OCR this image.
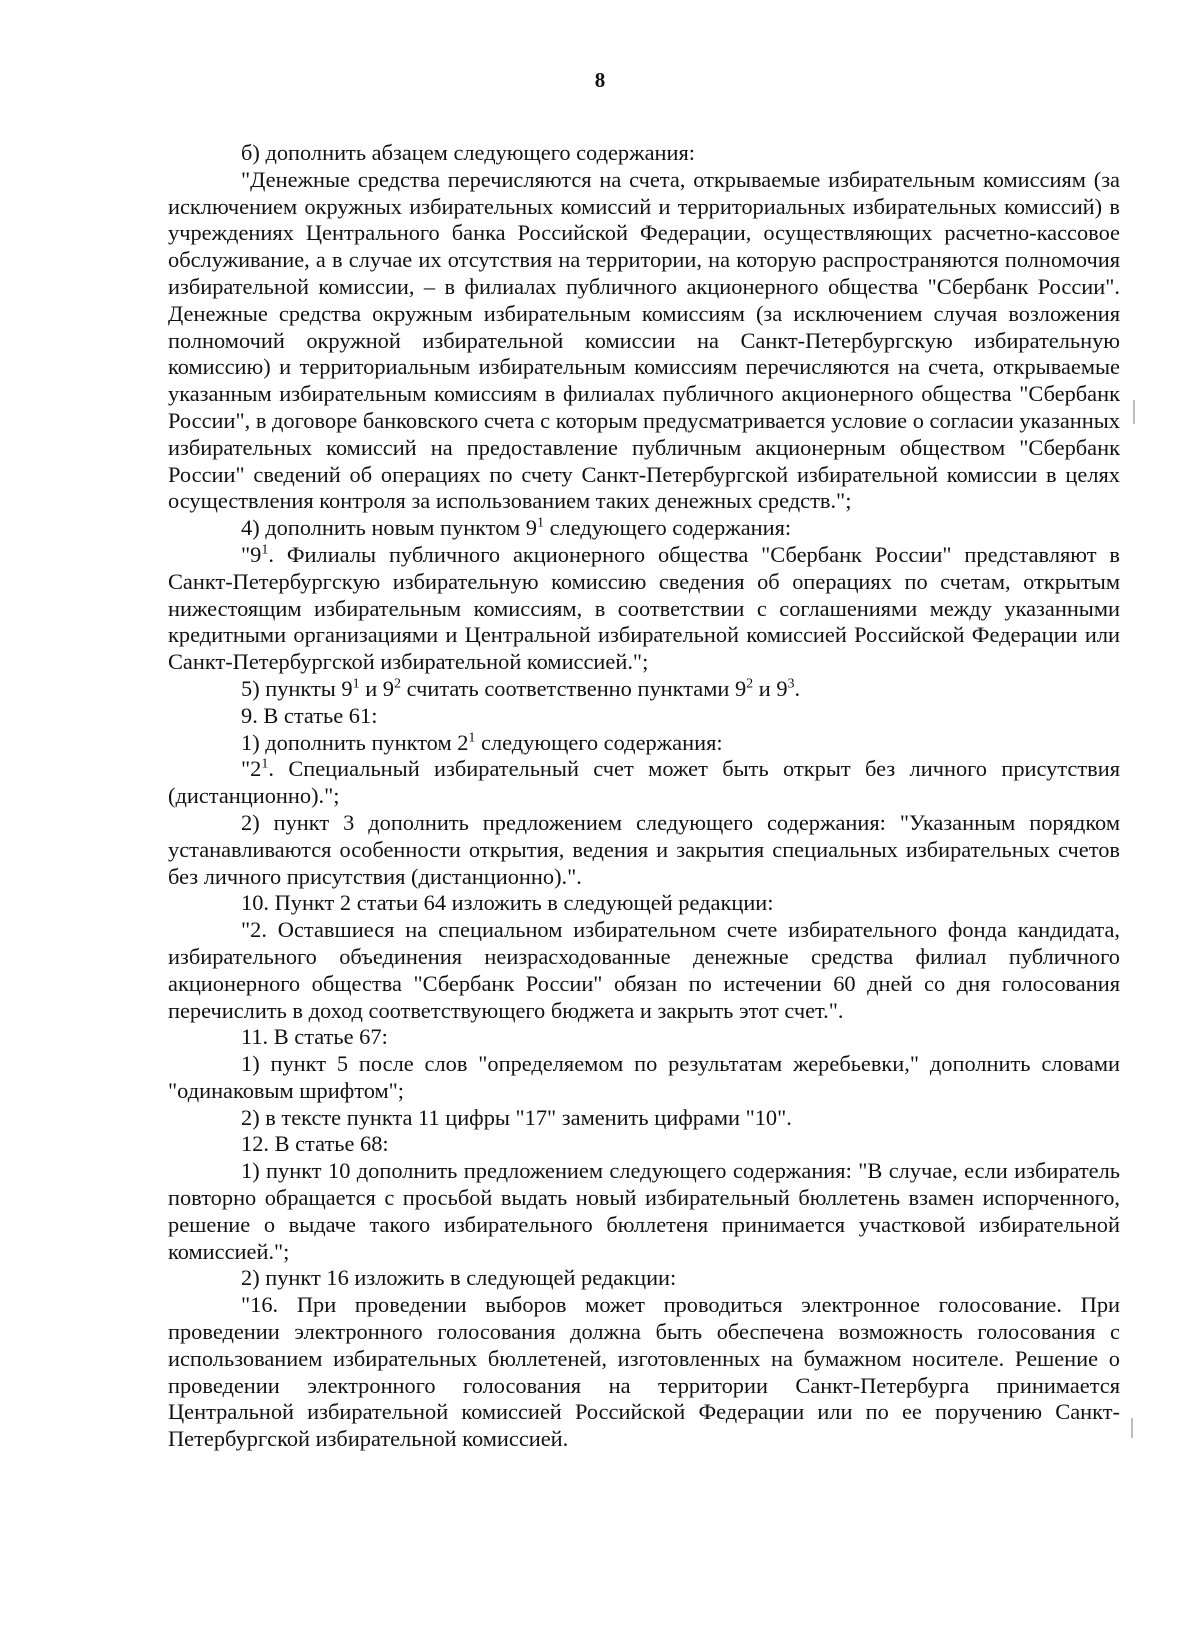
8

б) дополнить абзацем следующего содержания:

"Денежные средства перечисляются на счета, открываемые избирательным комиссиям (за исключением окружных избирательных комиссий и территориальных избирательных комиссий) в учреждениях Центрального банка Российской Федерации, осуществляющих расчетно-кассовое обслуживание, а в случае их отсутствия на территории, на которую распространяются полномочия избирательной комиссии, – в филиалах публичного акционерного общества "Сбербанк России". Денежные средства окружным избирательным комиссиям (за исключением случая возложения полномочий окружной избирательной комиссии на Санкт-Петербургскую избирательную комиссию) и территориальным избирательным комиссиям перечисляются на счета, открываемые указанным избирательным комиссиям в филиалах публичного акционерного общества "Сбербанк России", в договоре банковского счета с которым предусматривается условие о согласии указанных избирательных комиссий на предоставление публичным акционерным обществом "Сбербанк России" сведений об операциях по счету Санкт-Петербургской избирательной комиссии в целях осуществления контроля за использованием таких денежных средств.";

4) дополнить новым пунктом $9^1$ следующего содержания:

"$9^1$. Филиалы публичного акционерного общества "Сбербанк России" представляют в Санкт-Петербургскую избирательную комиссию сведения об операциях по счетам, открытым нижестоящим избирательным комиссиям, в соответствии с соглашениями между указанными кредитными организациями и Центральной избирательной комиссией Российской Федерации или Санкт-Петербургской избирательной комиссией.";

5) пункты $9^1$ и $9^2$ считать соответственно пунктами $9^2$ и $9^3$.

9. В статье 61:

1) дополнить пунктом $2^1$ следующего содержания:

"$2^1$. Специальный избирательный счет может быть открыт без личного присутствия (дистанционно).";

2) пункт 3 дополнить предложением следующего содержания: "Указанным порядком устанавливаются особенности открытия, ведения и закрытия специальных избирательных счетов без личного присутствия (дистанционно).".

10. Пункт 2 статьи 64 изложить в следующей редакции:

"2. Оставшиеся на специальном избирательном счете избирательного фонда кандидата, избирательного объединения неизрасходованные денежные средства филиал публичного акционерного общества "Сбербанк России" обязан по истечении 60 дней со дня голосования перечислить в доход соответствующего бюджета и закрыть этот счет.".

11. В статье 67:

1) пункт 5 после слов "определяемом по результатам жеребьевки," дополнить словами "одинаковым шрифтом";

2) в тексте пункта 11 цифры "17" заменить цифрами "10".

12. В статье 68:

1) пункт 10 дополнить предложением следующего содержания: "В случае, если избиратель повторно обращается с просьбой выдать новый избирательный бюллетень взамен испорченного, решение о выдаче такого избирательного бюллетеня принимается участковой избирательной комиссией.";

2) пункт 16 изложить в следующей редакции:

"16. При проведении выборов может проводиться электронное голосование. При проведении электронного голосования должна быть обеспечена возможность голосования с использованием избирательных бюллетеней, изготовленных на бумажном носителе. Решение о проведении электронного голосования на территории Санкт-Петербурга принимается Центральной избирательной комиссией Российской Федерации или по ее поручению Санкт-Петербургской избирательной комиссией.
